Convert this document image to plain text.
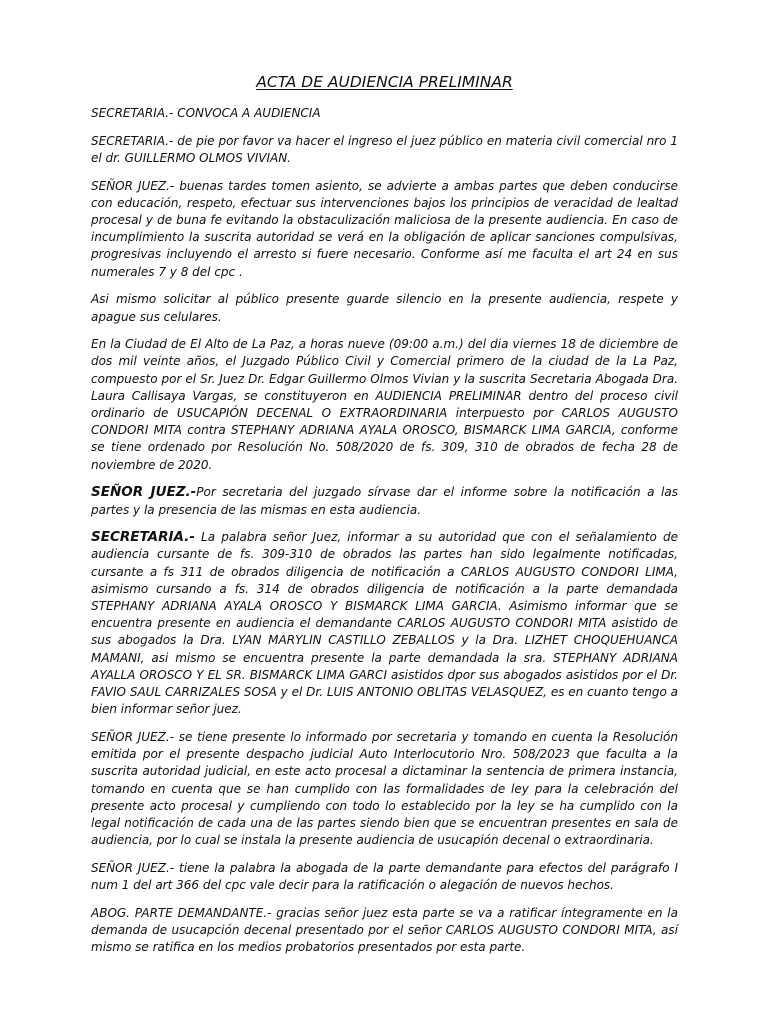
ACTA DE AUDIENCIA PRELIMINAR

SECRETARIA.- CONVOCA A AUDIENCIA

SECRETARIA.- de pie por favor va hacer el ingreso el juez público en materia civil comercial nro 1 el dr. GUILLERMO OLMOS VIVIAN.

SEÑOR JUEZ.- buenas tardes tomen asiento, se advierte a ambas partes que deben conducirse con educación, respeto, efectuar sus intervenciones bajos los principios de veracidad de lealtad procesal y de buna fe evitando la obstaculización maliciosa de la presente audiencia. En caso de incumplimiento la suscrita autoridad se verá en la obligación de aplicar sanciones compulsivas, progresivas incluyendo el arresto si fuere necesario. Conforme así me faculta el art 24 en sus numerales 7 y 8 del cpc .

Asi mismo solicitar al público presente guarde silencio en la presente audiencia, respete y apague sus celulares.

En la Ciudad de El Alto de La Paz, a horas nueve (09:00 a.m.) del dia viernes 18 de diciembre de dos mil veinte años, el Juzgado Público Civil y Comercial primero de la ciudad de la La Paz, compuesto por el Sr. Juez Dr. Edgar Guillermo Olmos Vivian y la suscrita Secretaria Abogada Dra. Laura Callisaya Vargas, se constituyeron en AUDIENCIA PRELIMINAR dentro del proceso civil ordinario de USUCAPIÓN DECENAL O EXTRAORDINARIA interpuesto por CARLOS AUGUSTO CONDORI MITA contra STEPHANY ADRIANA AYALA OROSCO, BISMARCK LIMA GARCIA, conforme se tiene ordenado por Resolución No. 508/2020 de fs. 309, 310 de obrados de fecha 28 de noviembre de 2020.

SEÑOR JUEZ.-Por secretaria del juzgado sírvase dar el informe sobre la notificación a las partes y la presencia de las mismas en esta audiencia.

SECRETARIA.- La palabra señor Juez, informar a su autoridad que con el señalamiento de audiencia cursante de fs. 309-310 de obrados las partes han sido legalmente notificadas, cursante a fs 311 de obrados diligencia de notificación a CARLOS AUGUSTO CONDORI LIMA, asimismo cursando a fs. 314 de obrados diligencia de notificación a la parte demandada STEPHANY ADRIANA AYALA OROSCO Y BISMARCK LIMA GARCIA. Asimismo informar que se encuentra presente en audiencia el demandante CARLOS AUGUSTO CONDORI MITA asistido de sus abogados la Dra. LYAN MARYLIN CASTILLO ZEBALLOS y la Dra. LIZHET CHOQUEHUANCA MAMANI, asi mismo se encuentra presente la parte demandada la sra. STEPHANY ADRIANA AYALLA OROSCO Y EL SR. BISMARCK LIMA GARCI asistidos dpor sus abogados asistidos por el Dr. FAVIO SAUL CARRIZALES SOSA y el Dr. LUIS ANTONIO OBLITAS VELASQUEZ, es en cuanto tengo a bien informar señor juez.

SEÑOR JUEZ.- se tiene presente lo informado por secretaria y tomando en cuenta la Resolución emitida por el presente despacho judicial Auto Interlocutorio Nro. 508/2023 que faculta a la suscrita autoridad judicial, en este acto procesal a dictaminar la sentencia de primera instancia, tomando en cuenta que se han cumplido con las formalidades de ley para la celebración del presente acto procesal y cumpliendo con todo lo establecido por la ley se ha cumplido con la legal notificación de cada una de las partes siendo bien que se encuentran presentes en sala de audiencia, por lo cual se instala la presente audiencia de usucapión decenal o extraordinaria.

SEÑOR JUEZ.- tiene la palabra la abogada de la parte demandante para efectos del parágrafo I num 1 del art 366 del cpc vale decir para la ratificación o alegación de nuevos hechos.

ABOG. PARTE DEMANDANTE.- gracias señor juez esta parte se va a ratificar íntegramente en la demanda de usucapción decenal presentado por el señor CARLOS AUGUSTO CONDORI MITA, así mismo se ratifica en los medios probatorios presentados por esta parte.
